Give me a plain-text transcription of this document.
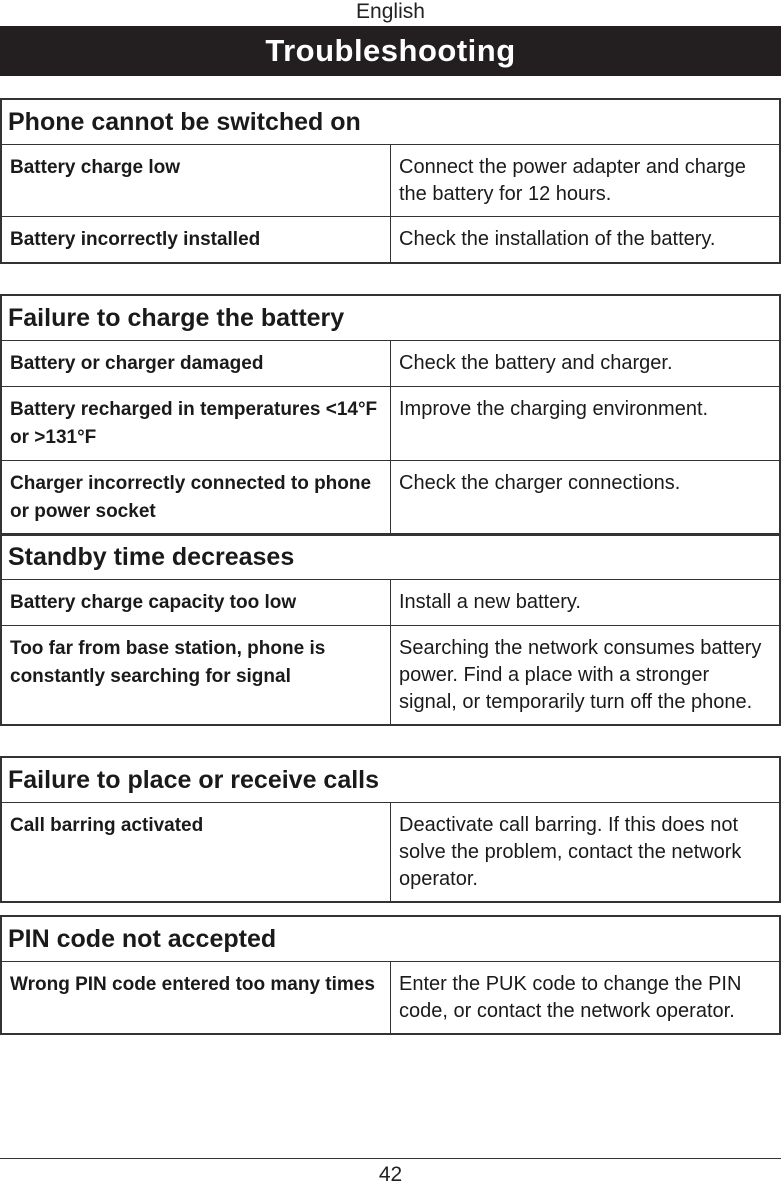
English
Troubleshooting
Phone cannot be switched on	
Battery charge low	Connect the power adapter and charge the battery for 12 hours.
Battery incorrectly installed	Check the installation of the battery.
Failure to charge the battery	
Battery or charger damaged	Check the battery and charger.
Battery recharged in temperatures <14°F or >131°F	Improve the charging environment.
Charger incorrectly connected to phone or power socket	Check the charger connections.
Standby time decreases	
Battery charge capacity too low	Install a new battery.
Too far from base station, phone is constantly searching for signal	Searching the network consumes battery power. Find a place with a stronger signal, or temporarily turn off the phone.
Failure to place or receive calls
Call barring activated	Deactivate call barring. If this does not solve the problem, contact the network operator.
PIN code not accepted
Wrong PIN code entered too many times	Enter the PUK code to change the PIN code, or contact the network operator.
42
